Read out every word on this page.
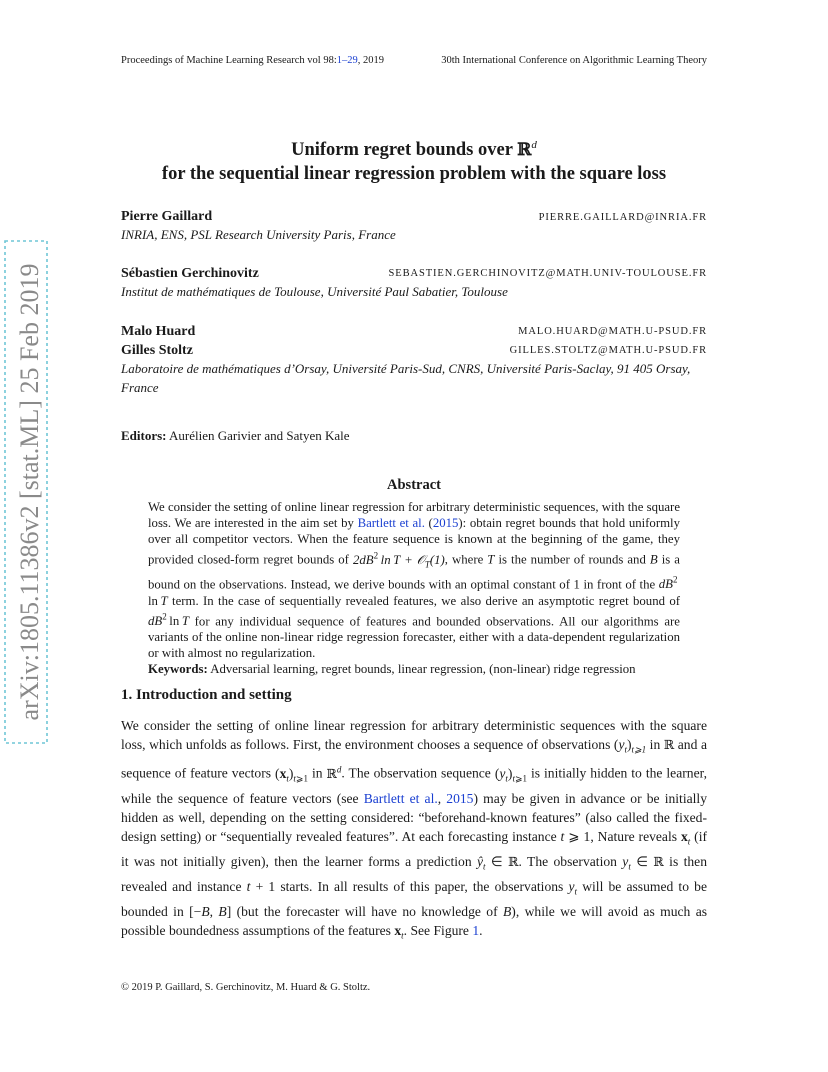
Proceedings of Machine Learning Research vol 98:1–29, 2019	30th International Conference on Algorithmic Learning Theory
Uniform regret bounds over ℝ$^d$
for the sequential linear regression problem with the square loss
Pierre Gaillard	PIERRE.GAILLARD@INRIA.FR
INRIA, ENS, PSL Research University Paris, France
Sébastien Gerchinovitz	SEBASTIEN.GERCHINOVITZ@MATH.UNIV-TOULOUSE.FR
Institut de mathématiques de Toulouse, Université Paul Sabatier, Toulouse
Malo Huard	MALO.HUARD@MATH.U-PSUD.FR
Gilles Stoltz	GILLES.STOLTZ@MATH.U-PSUD.FR
Laboratoire de mathématiques d’Orsay, Université Paris-Sud, CNRS, Université Paris-Saclay, 91 405 Orsay,
France
Editors: Aurélien Garivier and Satyen Kale
Abstract
We consider the setting of online linear regression for arbitrary deterministic sequences, with the square loss. We are interested in the aim set by Bartlett et al. (2015): obtain regret bounds that hold uniformly over all competitor vectors. When the feature sequence is known at the beginning of the game, they provided closed-form regret bounds of $2dB^2$ ln T + 𝒪$_T$(1), where T is the number of rounds and B is a bound on the observations. Instead, we derive bounds with an optimal constant of 1 in front of the $dB^2$ ln  T term. In the case of sequentially revealed features, we also derive an asymptotic regret bound of $dB^2$  ln  T for any individual sequence of features and bounded observations. All our algorithms are variants of the online non-linear ridge regression forecaster, either with a data-dependent regularization or with almost no regularization.
Keywords: Adversarial learning, regret bounds, linear regression, (non-linear) ridge regression
1. Introduction and setting
We consider the setting of online linear regression for arbitrary deterministic sequences with the square loss, which unfolds as follows. First, the environment chooses a sequence of observations $(y_t)_{t⩾1}$ in ℝ and a sequence of feature vectors $(x_t)_{t⩾1}$ in ℝ$^d$. The observation sequence $(y_t)_{t⩾1}$ is initially hidden to the learner, while the sequence of feature vectors (see Bartlett et al., 2015) may be given in advance or be initially hidden as well, depending on the setting considered: “beforehand-known features” (also called the fixed-design setting) or “sequentially revealed features”. At each forecasting instance t ⩾ 1, Nature reveals $x_t$ (if it was not initially given), then the learner forms a prediction $ŷ_t$ ∈ ℝ. The observation $y_t$ ∈ ℝ is then revealed and instance t + 1 starts. In all results of this paper, the observations $y_t$ will be assumed to be bounded in [−B, B] (but the forecaster will have no knowledge of B), while we will avoid as much as possible boundedness assumptions of the features $x_t$. See Figure 1.
© 2019 P. Gaillard, S. Gerchinovitz, M. Huard & G. Stoltz.
arXiv:1805.11386v2 [stat.ML] 25 Feb 2019
